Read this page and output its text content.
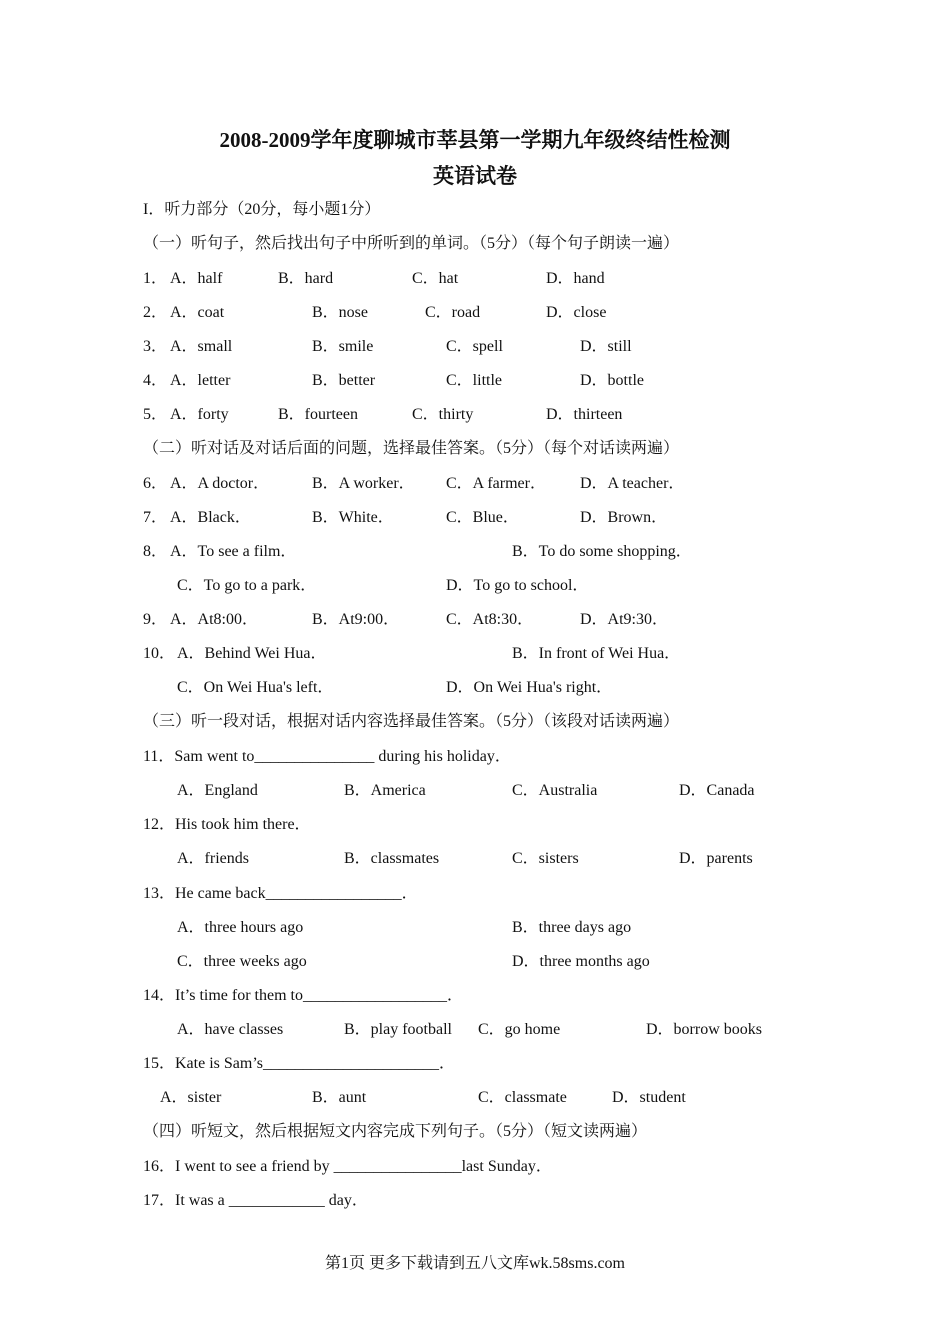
2008-2009学年度聊城市莘县第一学期九年级终结性检测
英语试卷
I．听力部分（20分，每小题1分）
（一）听句子，然后找出句子中所听到的单词。（5分）（每个句子朗读一遍）
1． A．half	B．hard	C．hat	D．hand
2． A．coat	B．nose	C．road	D．close
3． A．small	B．smile	C．spell	D．still
4． A．letter	B．better	C．little	D．bottle
5． A．forty	B．fourteen	C．thirty	D．thirteen
（二）听对话及对话后面的问题，选择最佳答案。（5分）（每个对话读两遍）
6． A．A doctor．	B．A worker． C．A farmer． D．A teacher．
7． A．Black．	B．White．	C．Blue．	D．Brown．
8． A．To see a film．	B．To do some shopping．
C．To go to a park．	D．To go to school．
9． A．At8:00．	B．At9:00．	C．At8:30．	D．At9:30．
10． A．Behind Wei Hua．	B．In front of Wei Hua．
C．On Wei Hua's left．	D．On Wei Hua's right．
（三）听一段对话，根据对话内容选择最佳答案。（5分）（该段对话读两遍）
11．Sam went to_______________ during his holiday．
A．England	B．America	C．Australia	D．Canada
12．His took him there．
A．friends	B．classmates	C．sisters	D．parents
13．He came back_________________．
A．three hours ago	B．three days ago
C．three weeks ago	D．three months ago
14．It’s time for them to__________________．
A．have classes	B．play football C．go home	D．borrow books
15．Kate is Sam’s______________________．
A．sister	B．aunt	C．classmate	D．student
（四）听短文，然后根据短文内容完成下列句子。（5分）（短文读两遍）
16．I went to see a friend by ________________last Sunday．
17．It was a ____________ day．
第1页 更多下载请到五八文库wk.58sms.com
